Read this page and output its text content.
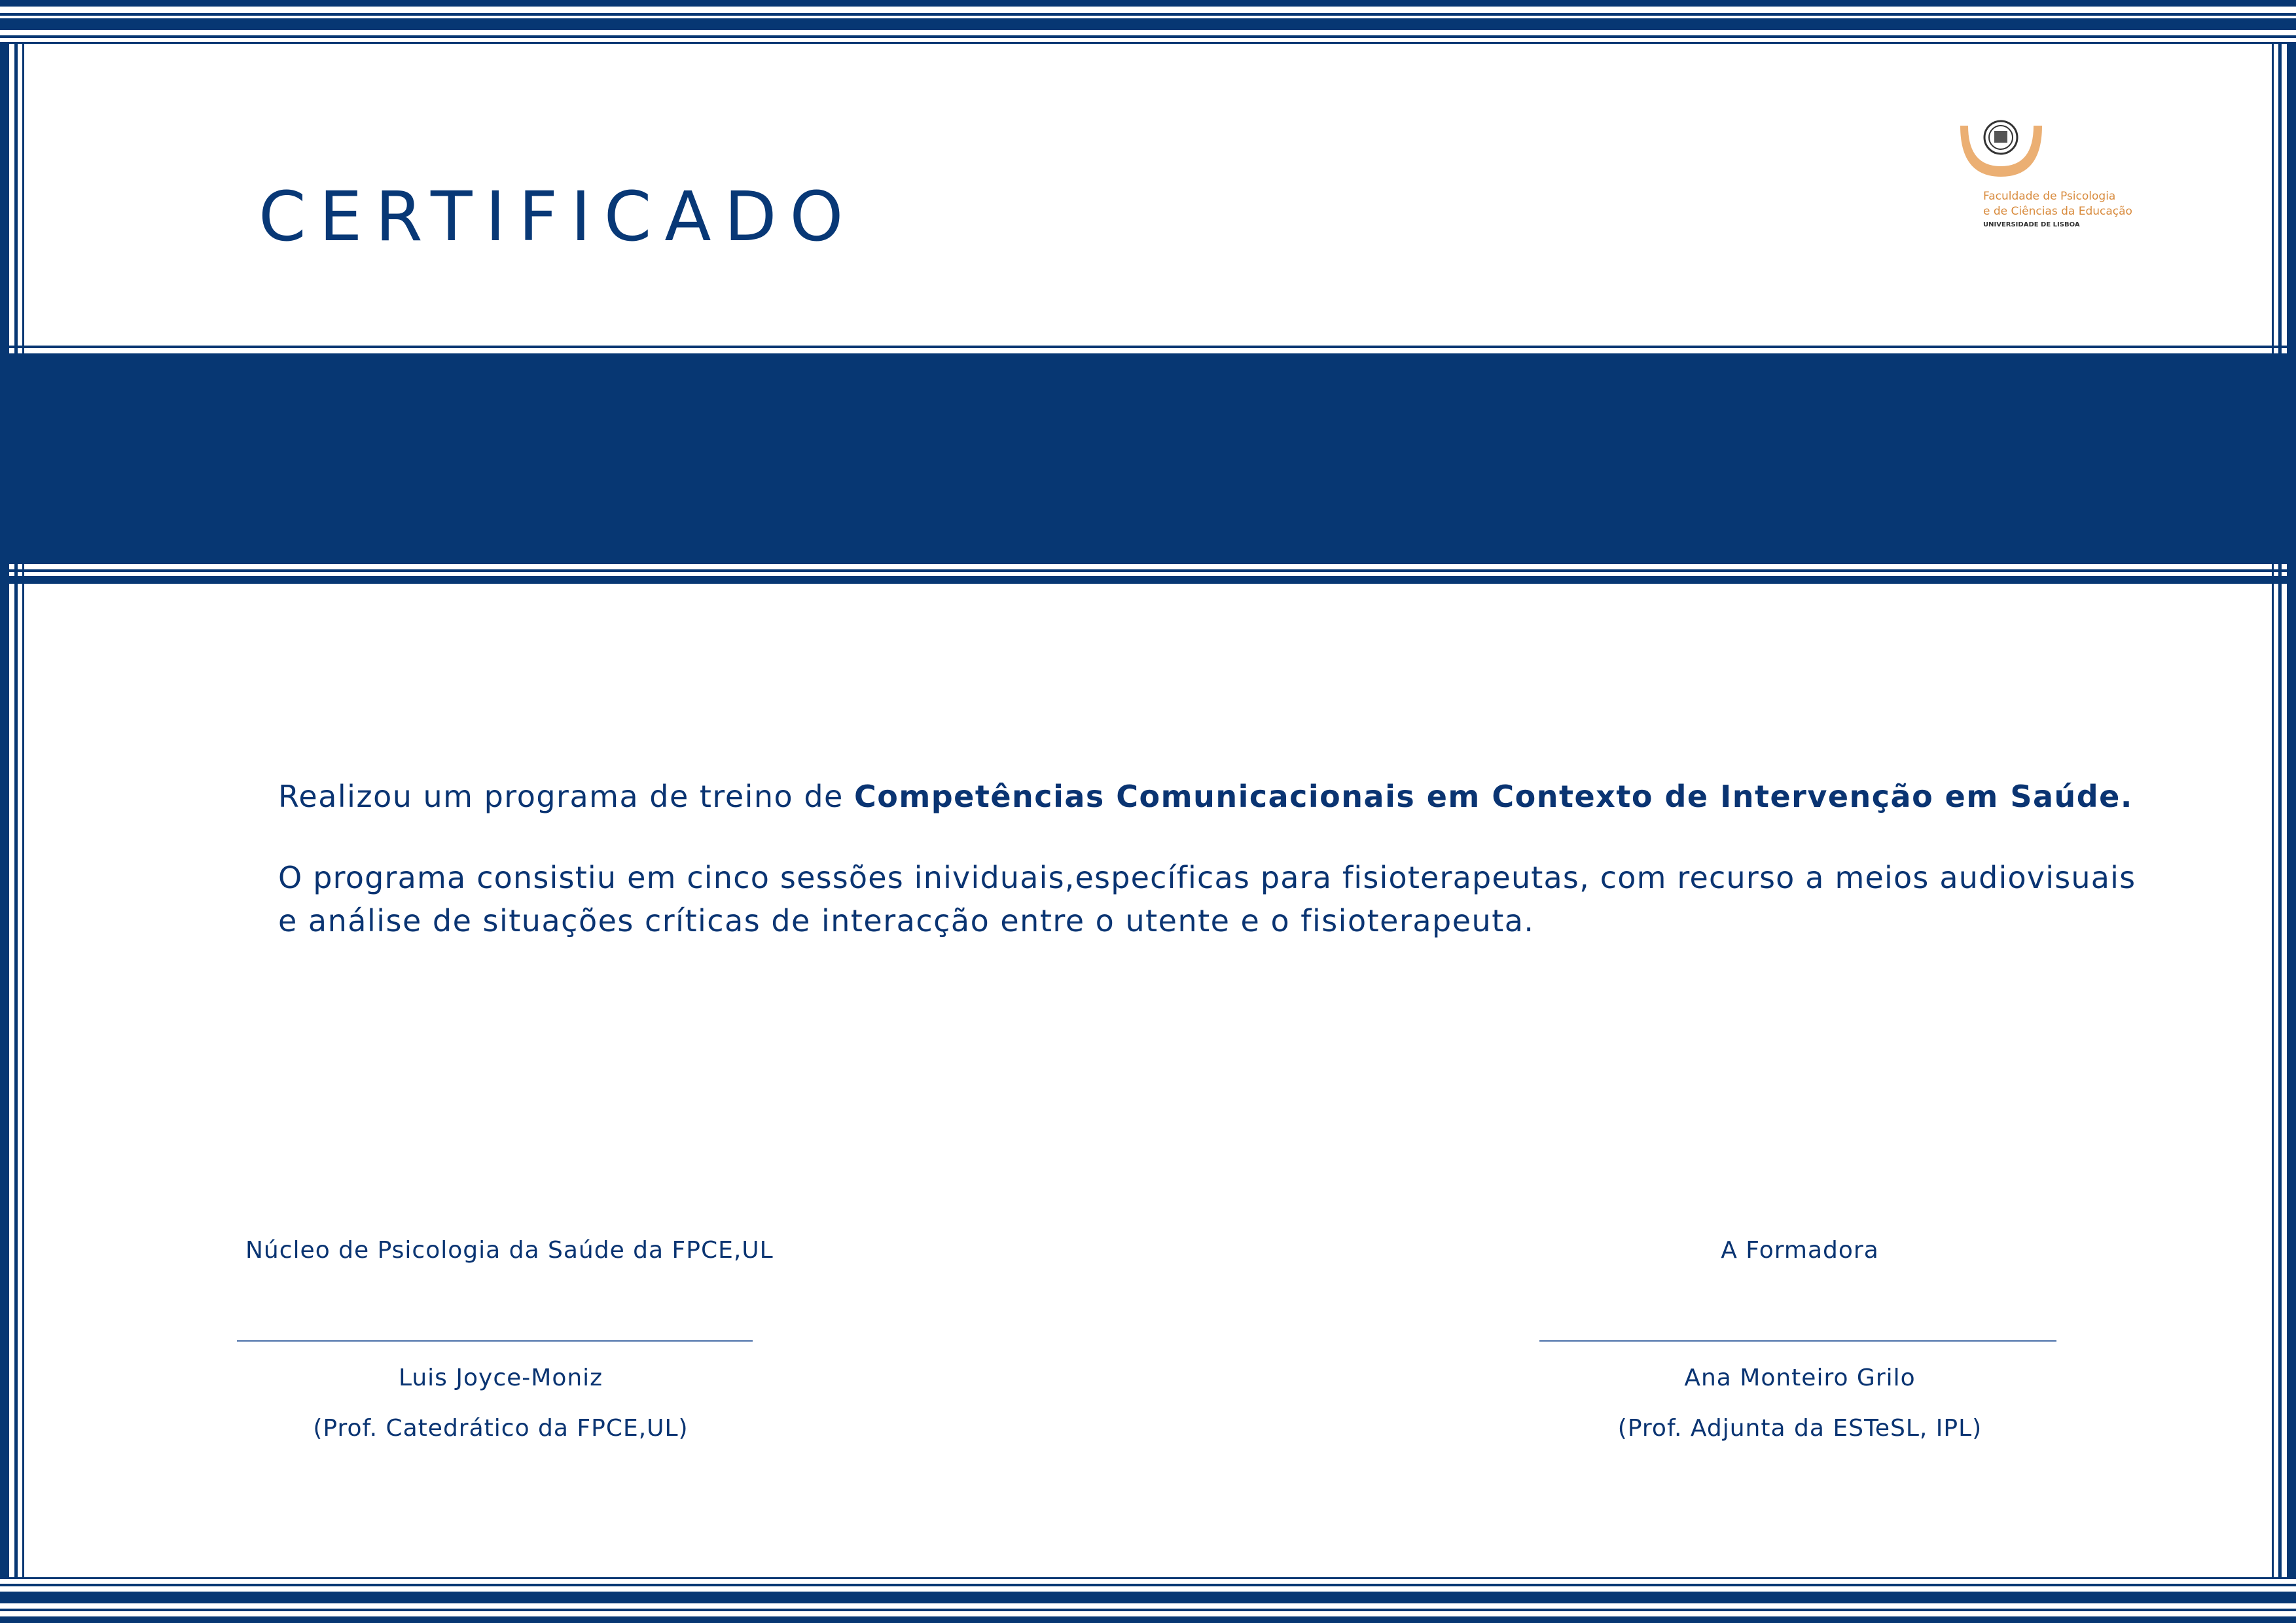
CERTIFICADO	Faculdade de Psicologia
e de Ciências da Educação
UNIVERSIDADE DE LISBOA
Realizou um programa de treino de Competências Comunicacionais em Contexto de Intervenção em Saúde.
O programa consistiu em cinco sessões inividuais,específicas para fisioterapeutas, com recurso a meios audiovisuais
e análise de situações críticas de interacção entre o utente e o fisioterapeuta.
Núcleo de Psicologia da Saúde da FPCE,UL
Luis Joyce-Moniz
(Prof. Catedrático da FPCE,UL)
A Formadora
Ana Monteiro Grilo
(Prof. Adjunta da ESTeSL, IPL)
